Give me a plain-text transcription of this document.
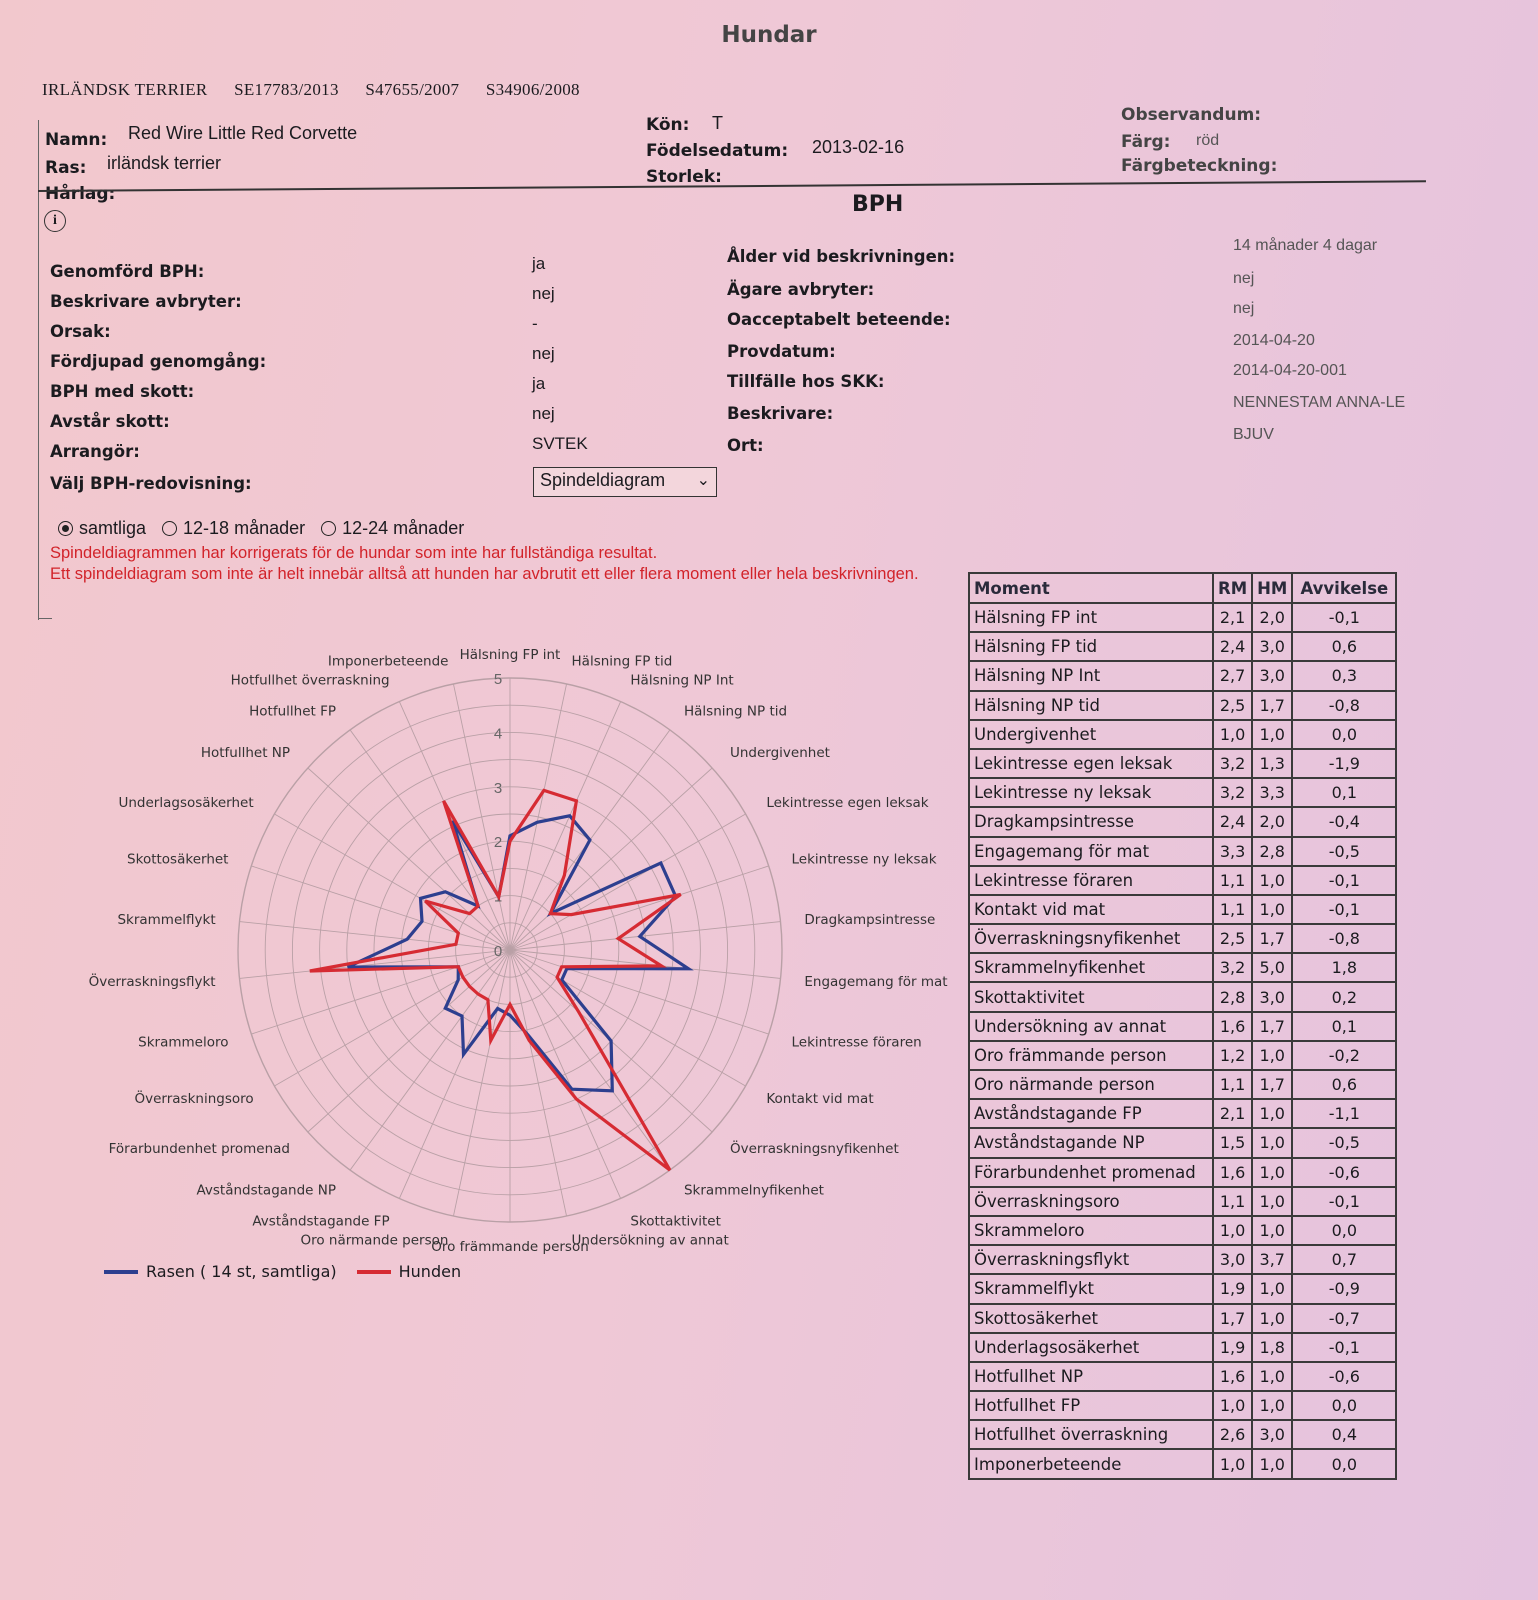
Hundar
IRLÄNDSK TERRIER SE17783/2013 S47655/2007 S34906/2008
Namn: Red Wire Little Red Corvette
Ras: irländsk terrier
Hårlag:
Kön: T
Födelsedatum: 2013-02-16
Storlek:
Observandum:
Färg: röd
Färgbeteckning:
i
BPH
Genomförd BPH:	ja
Beskrivare avbryter:	nej
Orsak:	-
Fördjupad genomgång:	nej
BPH med skott:	ja
Avstår skott:	nej
Arrangör:	SVTEK
Välj BPH-redovisning:
Ålder vid beskrivningen:
14 månader 4 dagar
Ägare avbryter:
nej
Oacceptabelt beteende:
nej
Provdatum:
2014-04-20
Tillfälle hos SKK:
2014-04-20-001
Beskrivare:
NENNESTAM ANNA-LE
Ort:
BJUV
Spindeldiagram ⌄
samtliga 12-18 månader 12-24 månader
Spindeldiagrammen har korrigerats för de hundar som inte har fullständiga resultat.
Ett spindeldiagram som inte är helt innebär alltså att hunden har avbrutit ett eller flera moment eller hela beskrivningen.
0
1
2
3
4
5
Hälsning FP int Hälsning FP tid
Hälsning NP Int
Hälsning NP tid
Undergivenhet
Lekintresse egen leksak
Lekintresse ny leksak
Dragkampsintresse
Engagemang för mat
Lekintresse föraren
Kontakt vid mat
Överraskningsnyfikenhet
Skrammelnyfikenhet
Skottaktivitet
Undersökning av annat
Oro främmande person
Oro närmande person
Avståndstagande FP
Avståndstagande NP
Förarbundenhet promenad
Överraskningsoro
Skrammeloro
Överraskningsflykt
Skrammelflykt
Skottosäkerhet
Underlagsosäkerhet
Hotfullhet NP
Hotfullhet FP
Hotfullhet överraskning
Imponerbeteende
Rasen ( 14 st, samtliga)	Hunden
Moment	RM	HM	Avvikelse
Hälsning FP int	2,1	2,0	-0,1
Hälsning FP tid	2,4	3,0	0,6
Hälsning NP Int	2,7	3,0	0,3
Hälsning NP tid	2,5	1,7	-0,8
Undergivenhet	1,0	1,0	0,0
Lekintresse egen leksak	3,2	1,3	-1,9
Lekintresse ny leksak	3,2	3,3	0,1
Dragkampsintresse	2,4	2,0	-0,4
Engagemang för mat	3,3	2,8	-0,5
Lekintresse föraren	1,1	1,0	-0,1
Kontakt vid mat	1,1	1,0	-0,1
Överraskningsnyfikenhet	2,5	1,7	-0,8
Skrammelnyfikenhet	3,2	5,0	1,8
Skottaktivitet	2,8	3,0	0,2
Undersökning av annat	1,6	1,7	0,1
Oro främmande person	1,2	1,0	-0,2
Oro närmande person	1,1	1,7	0,6
Avståndstagande FP	2,1	1,0	-1,1
Avståndstagande NP	1,5	1,0	-0,5
Förarbundenhet promenad	1,6	1,0	-0,6
Överraskningsoro	1,1	1,0	-0,1
Skrammeloro	1,0	1,0	0,0
Överraskningsflykt	3,0	3,7	0,7
Skrammelflykt	1,9	1,0	-0,9
Skottosäkerhet	1,7	1,0	-0,7
Underlagsosäkerhet	1,9	1,8	-0,1
Hotfullhet NP	1,6	1,0	-0,6
Hotfullhet FP	1,0	1,0	0,0
Hotfullhet överraskning	2,6	3,0	0,4
Imponerbeteende	1,0	1,0	0,0
